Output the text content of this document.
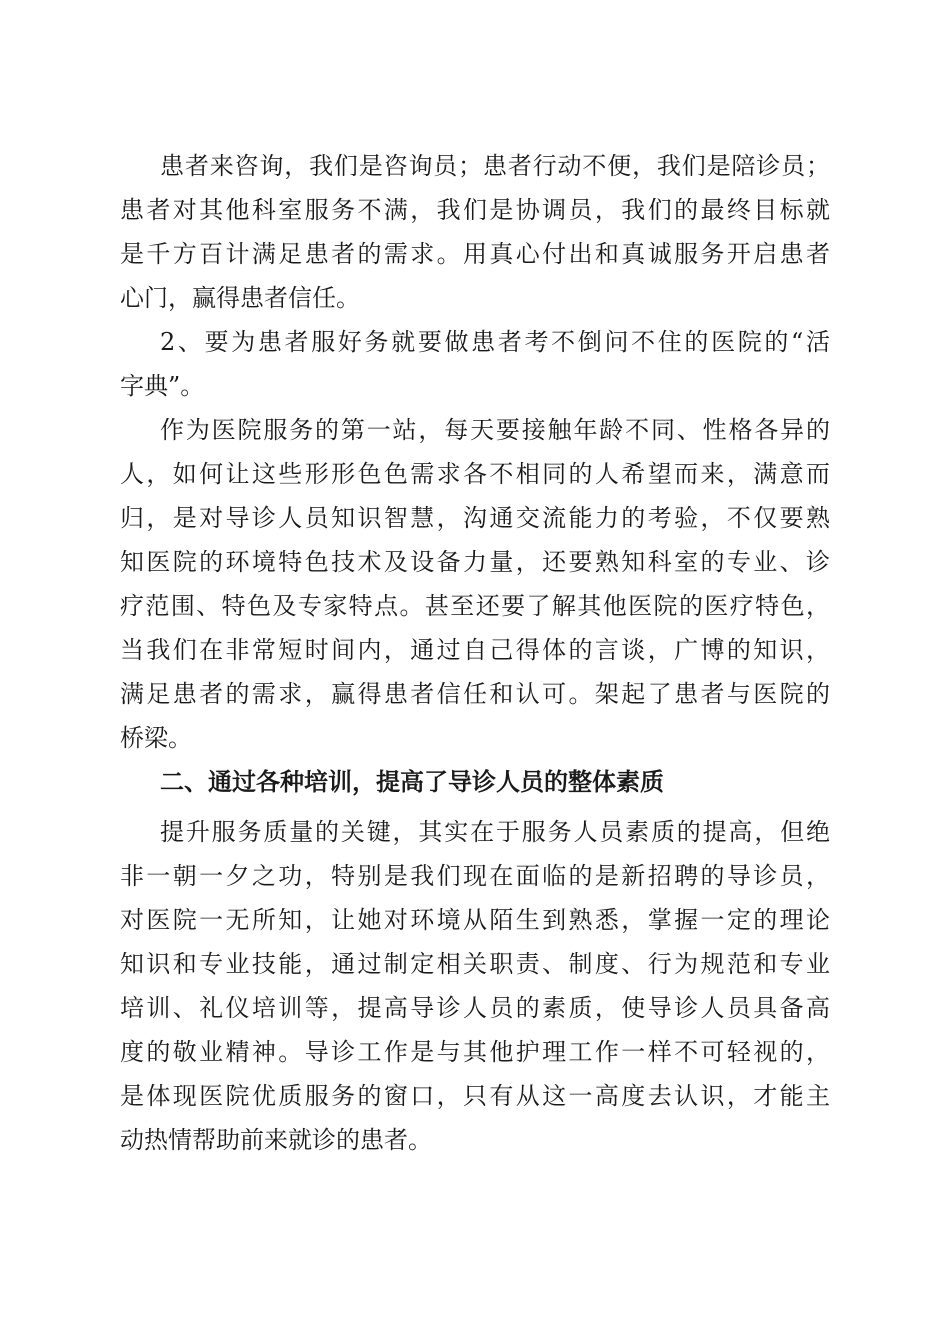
患者来咨询，我们是咨询员；患者行动不便，我们是陪诊员；
患者对其他科室服务不满，我们是协调员，我们的最终目标就
是千方百计满足患者的需求。用真心付出和真诚服务开启患者
心门，赢得患者信任。
2、要为患者服好务就要做患者考不倒问不住的医院的“活
字典”。
作为医院服务的第一站，每天要接触年龄不同、性格各异的
人，如何让这些形形色色需求各不相同的人希望而来，满意而
归，是对导诊人员知识智慧，沟通交流能力的考验，不仅要熟
知医院的环境特色技术及设备力量，还要熟知科室的专业、诊
疗范围、特色及专家特点。甚至还要了解其他医院的医疗特色，
当我们在非常短时间内，通过自己得体的言谈，广博的知识，
满足患者的需求，赢得患者信任和认可。架起了患者与医院的
桥梁。
二、通过各种培训，提高了导诊人员的整体素质
提升服务质量的关键，其实在于服务人员素质的提高，但绝
非一朝一夕之功，特别是我们现在面临的是新招聘的导诊员，
对医院一无所知，让她对环境从陌生到熟悉，掌握一定的理论
知识和专业技能，通过制定相关职责、制度、行为规范和专业
培训、礼仪培训等，提高导诊人员的素质，使导诊人员具备高
度的敬业精神。导诊工作是与其他护理工作一样不可轻视的，
是体现医院优质服务的窗口，只有从这一高度去认识，才能主
动热情帮助前来就诊的患者。
